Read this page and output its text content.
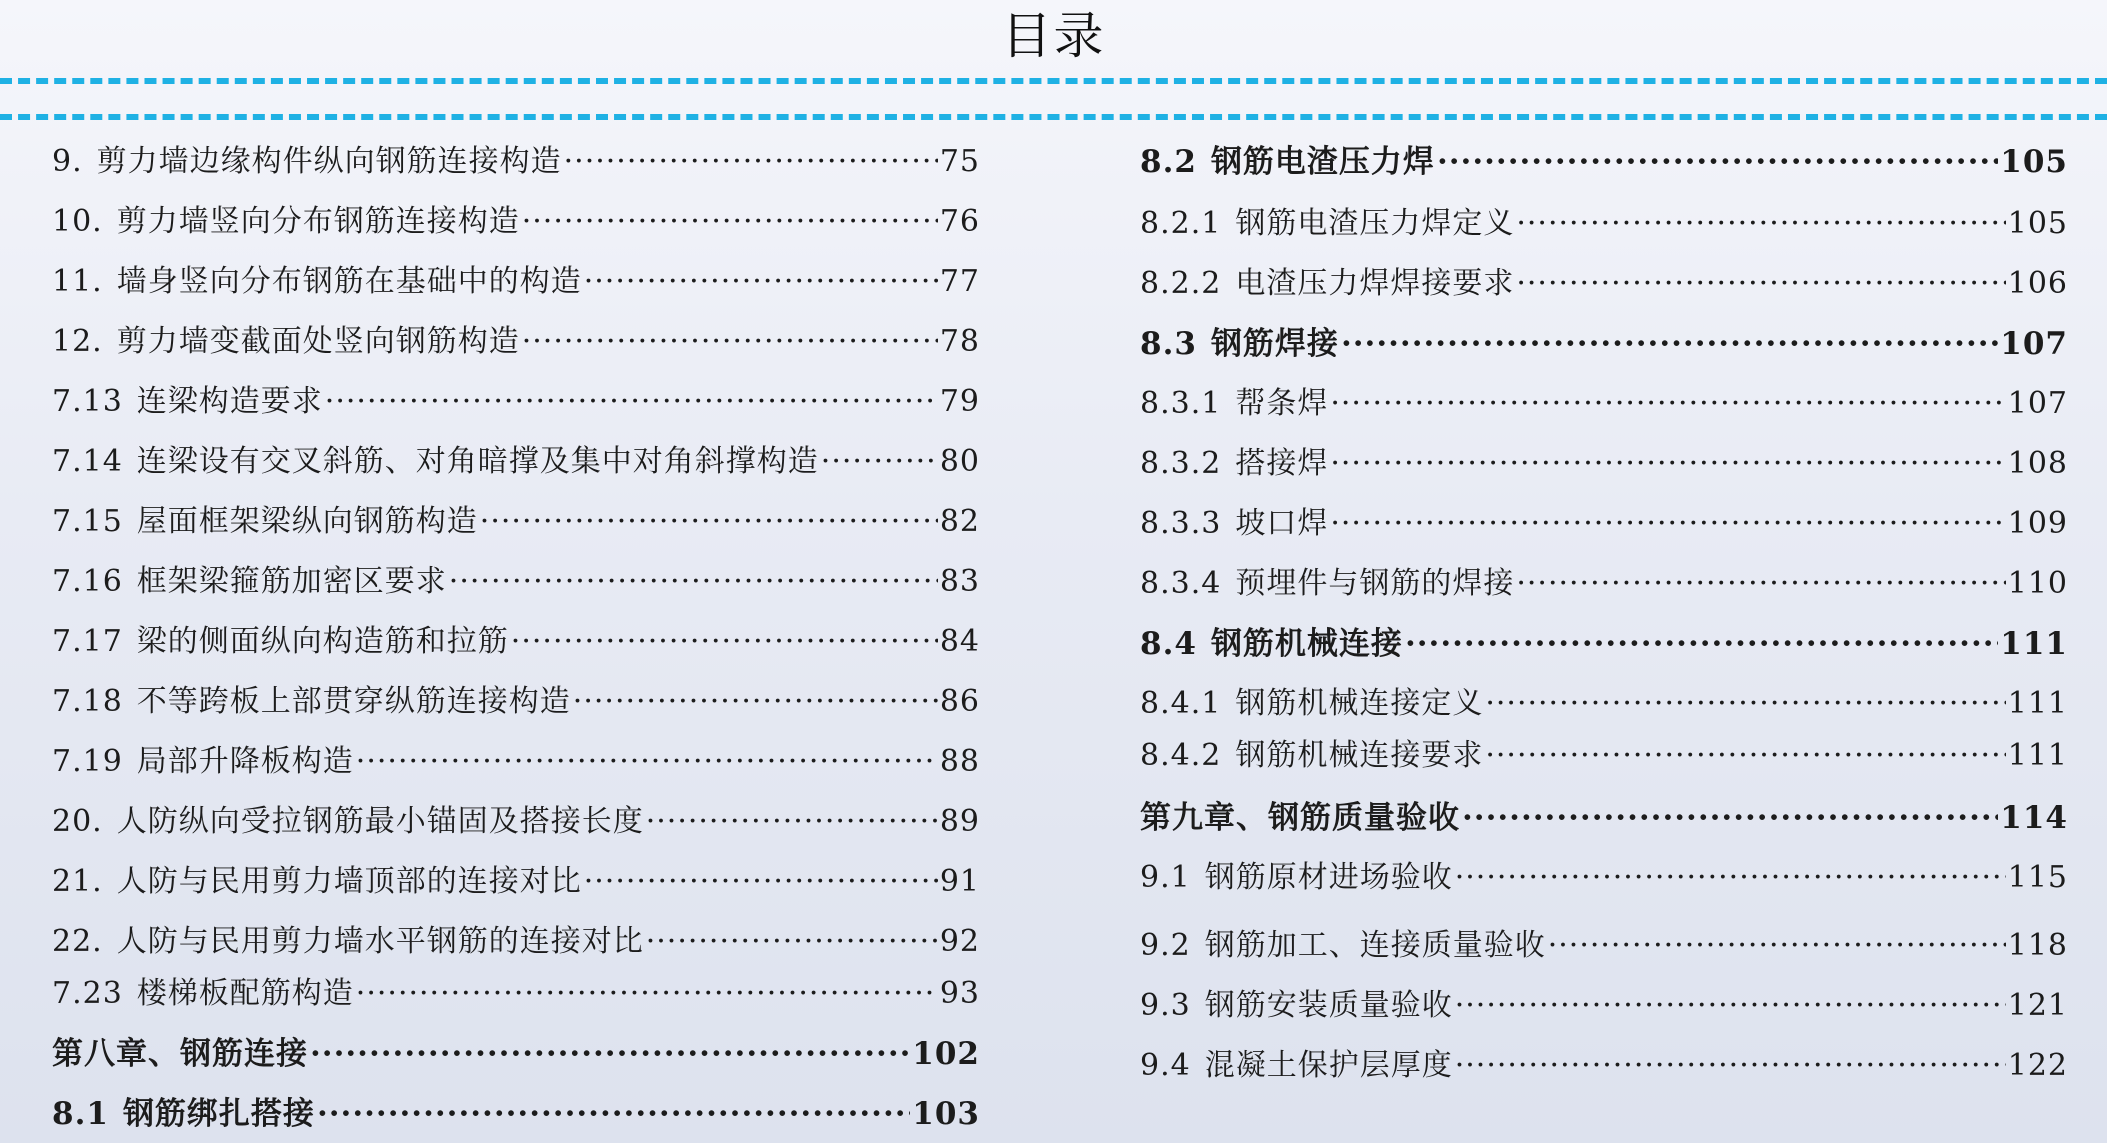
目录
9. 剪力墙边缘构件纵向钢筋连接构造 ·····	75
10. 剪力墙竖向分布钢筋连接构造 ·····	76
11. 墙身竖向分布钢筋在基础中的构造 ·····	77
12. 剪力墙变截面处竖向钢筋构造 ·····	78
7.13 连梁构造要求 ·····	79
7.14 连梁设有交叉斜筋、对角暗撑及集中对角斜撑构造 ·····	80
7.15 屋面框架梁纵向钢筋构造 ·····	82
7.16 框架梁箍筋加密区要求 ·····	83
7.17 梁的侧面纵向构造筋和拉筋 ·····	84
7.18 不等跨板上部贯穿纵筋连接构造 ·····	86
7.19 局部升降板构造 ·····	88
20. 人防纵向受拉钢筋最小锚固及搭接长度 ·····	89
21. 人防与民用剪力墙顶部的连接对比 ·····	91
22. 人防与民用剪力墙水平钢筋的连接对比 ·····	92
7.23 楼梯板配筋构造 ·····	93
第八章、钢筋连接 ·····	102
8.1 钢筋绑扎搭接 ·····	103
8.2 钢筋电渣压力焊 ·····	105
8.2.1 钢筋电渣压力焊定义 ·····	105
8.2.2 电渣压力焊焊接要求 ·····	106
8.3 钢筋焊接 ·····	107
8.3.1 帮条焊 ·····	107
8.3.2 搭接焊 ·····	108
8.3.3 坡口焊 ·····	109
8.3.4 预埋件与钢筋的焊接 ·····	110
8.4 钢筋机械连接 ·····	111
8.4.1 钢筋机械连接定义 ·····	111
8.4.2 钢筋机械连接要求 ·····	111
第九章、钢筋质量验收 ·····	114
9.1 钢筋原材进场验收 ·····	115
9.2 钢筋加工、连接质量验收 ·····	118
9.3 钢筋安装质量验收 ·····	121
9.4 混凝土保护层厚度 ·····	122
